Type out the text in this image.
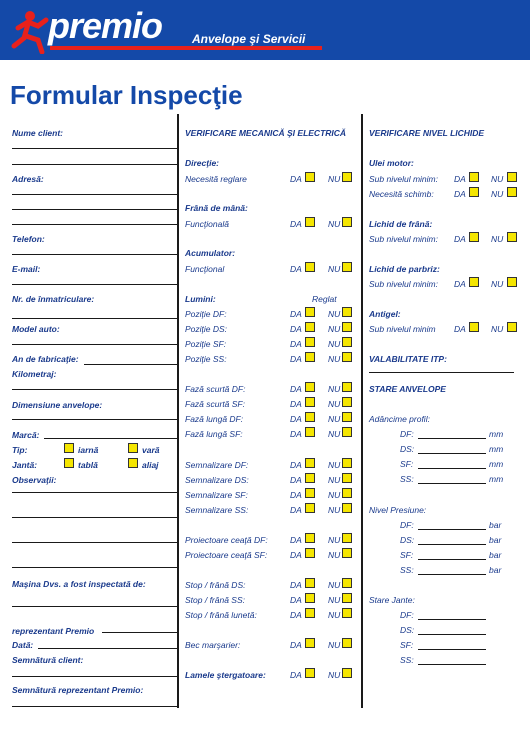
premio Anvelope şi Servicii
Formular Inspecţie
Nume client:
Adresă:
Telefon:
E-mail:
Nr. de înmatriculare:
Model auto:
An de fabricaţie:
Kilometraj:
Dimensiune anvelope:
Marcă:
Tip:	iarnă	vară
Jantă:	tablă	aliaj
Observaţii:
Maşina Dvs. a fost inspectată de:
reprezentant Premio
Dată:
Semnătură client:
Semnătură reprezentant Premio:
VERIFICARE MECANICĂ ŞI ELECTRICĂ
Direcţie:
Necesită reglare	DA	NU
Frână de mână:
Funcţională	DA	NU
Acumulator:
Funcţional	DA	NU
Lumini:	Reglat
Lamele ştergatoare:	DA	NU
VERIFICARE NIVEL LICHIDE
Ulei motor:
Sub nivelul minim: DA	NU
Necesită schimb: DA	NU
Lichid de frână:
Sub nivelul minim: DA	NU
Lichid de parbriz:
Sub nivelul minim: DA	NU
Antigel:
Sub nivelul minim DA	NU
VALABILITATE ITP:
STARE ANVELOPE
Adâncime profil:
Nivel Presiune:
Stare Jante:
Poziţie DF:	DA	NU
Poziţie DS:	DA	NU
Poziţie SF:	DA	NU
Poziţie SS:	DA	NU
Fază scurtă DF:	DA	NU
Fază scurtă SF:	DA	NU
Fază lungă DF:	DA	NU
Fază lungă SF:	DA	NU
Semnalizare DF:	DA	NU
Semnalizare DS:	DA	NU
Semnalizare SF:	DA	NU
Semnalizare SS:	DA	NU
Proiectoare ceaţă DF:	DA	NU
Proiectoare ceaţă SF:	DA	NU
Stop / frână DS:	DA	NU
Stop / frână SS:	DA	NU
Stop / frână lunetă:	DA	NU
Bec marşarier:	DA	NU
DF:	mm
DS:	mm
SF:	mm
SS:	mm
DF:	bar
DS:	bar
SF:	bar
SS:	bar
DF:
DS:
SF:
SS:
